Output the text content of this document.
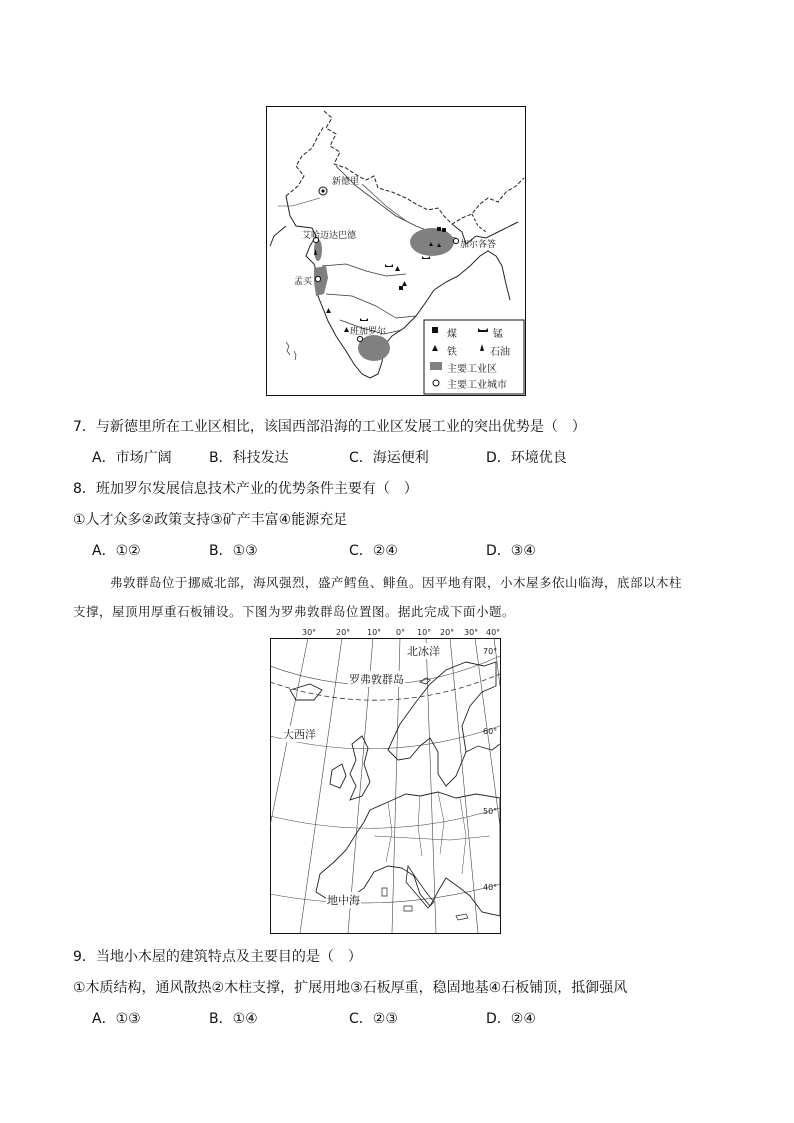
新德里
艾哈迈达巴德
加尔各答
孟买
班加罗尔	煤	锰
铁	石油
主要工业区
主要工业城市
7．与新德里所在工业区相比，该国西部沿海的工业区发展工业的突出优势是（　）
A．市场广阔	B．科技发达	C．海运便利	D．环境优良
8．班加罗尔发展信息技术产业的优势条件主要有（　）
①人才众多②政策支持③矿产丰富④能源充足
A．①②	B．①③	C．②④	D．③④
弗敦群岛位于挪威北部，海风强烈，盛产鳕鱼、鲱鱼。因平地有限，小木屋多依山临海，底部以木柱
支撑，屋顶用厚重石板铺设。下图为罗弗敦群岛位置图。据此完成下面小题。
30° 20° 10° 0° 10° 20° 30° 40°
70°
60°
50°
40°
北冰洋
罗弗敦群岛
大西洋
地中海
9．当地小木屋的建筑特点及主要目的是（　）
①木质结构，通风散热②木柱支撑，扩展用地③石板厚重，稳固地基④石板铺顶，抵御强风
A．①③	B．①④	C．②③	D．②④
